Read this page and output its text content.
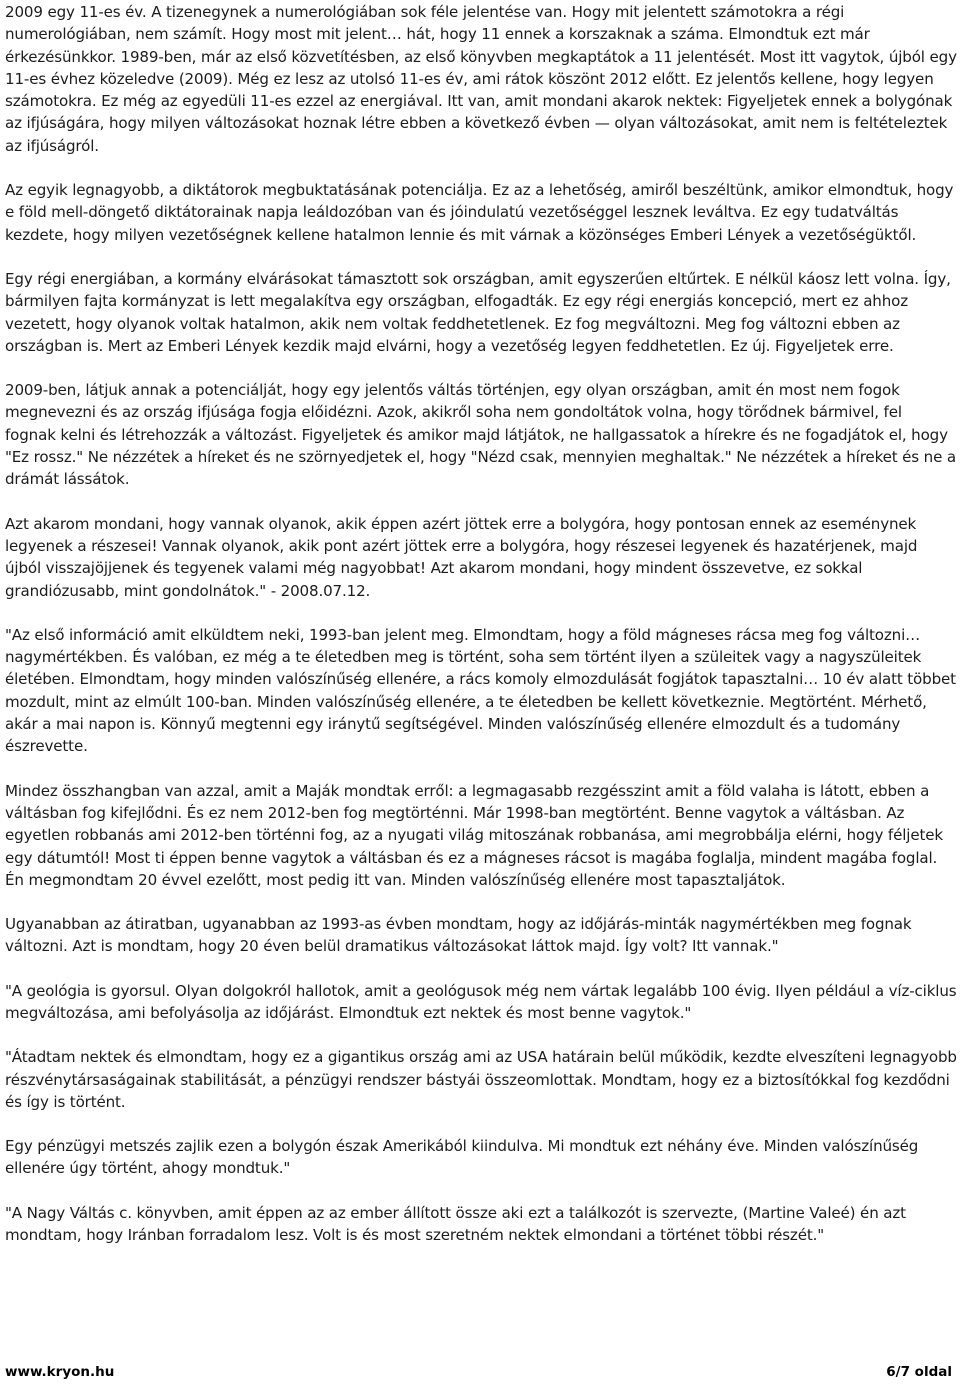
2009 egy 11-es év. A tizenegynek a numerológiában sok féle jelentése van. Hogy mit jelentett számotokra a régi numerológiában, nem számít. Hogy most mit jelent… hát, hogy 11 ennek a korszaknak a száma. Elmondtuk ezt már érkezésünkkor. 1989-ben, már az első közvetítésben, az első könyvben megkaptátok a 11 jelentését. Most itt vagytok, újból egy 11-es évhez közeledve (2009). Még ez lesz az utolsó 11-es év, ami rátok köszönt 2012 előtt. Ez jelentős kellene, hogy legyen számotokra. Ez még az egyedüli 11-es ezzel az energiával. Itt van, amit mondani akarok nektek: Figyeljetek ennek a bolygónak az ifjúságára, hogy milyen változásokat hoznak létre ebben a következő évben — olyan változásokat, amit nem is feltételeztek az ifjúságról.

Az egyik legnagyobb, a diktátorok megbuktatásának potenciálja. Ez az a lehetőség, amiről beszéltünk, amikor elmondtuk, hogy e föld mell-döngető diktátorainak napja leáldozóban van és jóindulatú vezetőséggel lesznek leváltva. Ez egy tudatváltás kezdete, hogy milyen vezetőségnek kellene hatalmon lennie és mit várnak a közönséges Emberi Lények a vezetőségüktől.

Egy régi energiában, a kormány elvárásokat támasztott sok országban, amit egyszerűen eltűrtek. E nélkül káosz lett volna. Így, bármilyen fajta kormányzat is lett megalakítva egy országban, elfogadták. Ez egy régi energiás koncepció, mert ez ahhoz vezetett, hogy olyanok voltak hatalmon, akik nem voltak feddhetetlenek. Ez fog megváltozni. Meg fog változni ebben az országban is. Mert az Emberi Lények kezdik majd elvárni, hogy a vezetőség legyen feddhetetlen. Ez új. Figyeljetek erre.

2009-ben, látjuk annak a potenciálját, hogy egy jelentős váltás történjen, egy olyan országban, amit én most nem fogok megnevezni és az ország ifjúsága fogja előidézni. Azok, akikről soha nem gondoltátok volna, hogy törődnek bármivel, fel fognak kelni és létrehozzák a változást. Figyeljetek és amikor majd látjátok, ne hallgassatok a hírekre és ne fogadjátok el, hogy "Ez rossz." Ne nézzétek a híreket és ne szörnyedjetek el, hogy "Nézd csak, mennyien meghaltak." Ne nézzétek a híreket és ne a drámát lássátok.

Azt akarom mondani, hogy vannak olyanok, akik éppen azért jöttek erre a bolygóra, hogy pontosan ennek az eseménynek legyenek a részesei! Vannak olyanok, akik pont azért jöttek erre a bolygóra, hogy részesei legyenek és hazatérjenek, majd újból visszajöjjenek és tegyenek valami még nagyobbat! Azt akarom mondani, hogy mindent összevetve, ez sokkal grandiózusabb, mint gondolnátok." - 2008.07.12.

"Az első információ amit elküldtem neki, 1993-ban jelent meg. Elmondtam, hogy a föld mágneses rácsa meg fog változni… nagymértékben. És valóban, ez még a te életedben meg is történt, soha sem történt ilyen a szüleitek vagy a nagyszüleitek életében. Elmondtam, hogy minden valószínűség ellenére, a rács komoly elmozdulását fogjátok tapasztalni… 10 év alatt többet mozdult, mint az elmúlt 100-ban. Minden valószínűség ellenére, a te életedben be kellett következnie. Megtörtént. Mérhető, akár a mai napon is. Könnyű megtenni egy iránytű segítségével. Minden valószínűség ellenére elmozdult és a tudomány észrevette.

Mindez összhangban van azzal, amit a Maják mondtak erről: a legmagasabb rezgésszint amit a föld valaha is látott, ebben a váltásban fog kifejlődni. És ez nem 2012-ben fog megtörténni. Már 1998-ban megtörtént. Benne vagytok a váltásban. Az egyetlen robbanás ami 2012-ben történni fog, az a nyugati világ mitoszának robbanása, ami megrobbálja elérni, hogy féljetek egy dátumtól! Most ti éppen benne vagytok a váltásban és ez a mágneses rácsot is magába foglalja, mindent magába foglal. Én megmondtam 20 évvel ezelőtt, most pedig itt van. Minden valószínűség ellenére most tapasztaljátok.

Ugyanabban az átiratban, ugyanabban az 1993-as évben mondtam, hogy az időjárás-minták nagymértékben meg fognak változni. Azt is mondtam, hogy 20 éven belül dramatikus változásokat láttok majd. Így volt? Itt vannak."

"A geológia is gyorsul. Olyan dolgokról hallotok, amit a geológusok még nem vártak legalább 100 évig. Ilyen például a víz-ciklus megváltozása, ami befolyásolja az időjárást. Elmondtuk ezt nektek és most benne vagytok."

"Átadtam nektek és elmondtam, hogy ez a gigantikus ország ami az USA határain belül működik, kezdte elveszíteni legnagyobb részvénytársaságainak stabilitását, a pénzügyi rendszer bástyái összeomlottak. Mondtam, hogy ez a biztosítókkal fog kezdődni és így is történt.

Egy pénzügyi metszés zajlik ezen a bolygón észak Amerikából kiindulva. Mi mondtuk ezt néhány éve. Minden valószínűség ellenére úgy történt, ahogy mondtuk."

"A Nagy Váltás c. könyvben, amit éppen az az ember állított össze aki ezt a találkozót is szervezte, (Martine Valeé) én azt mondtam, hogy Iránban forradalom lesz. Volt is és most szeretném nektek elmondani a történet többi részét."

www.kryon.hu	6/7 oldal
